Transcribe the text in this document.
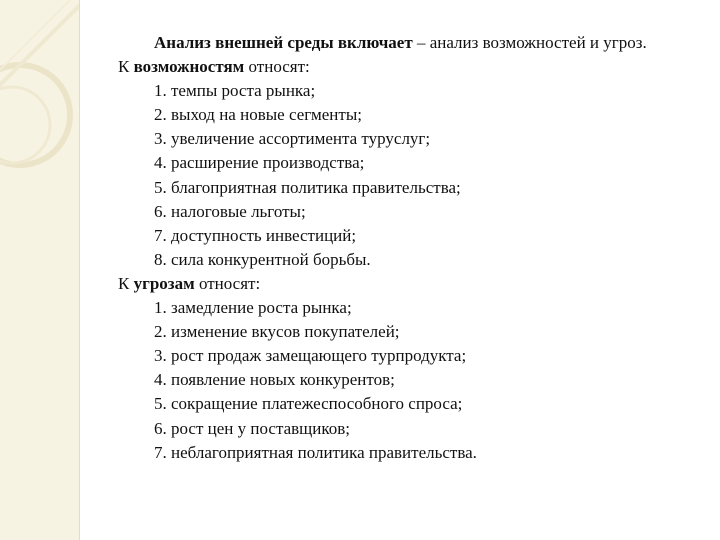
Анализ внешней среды включает – анализ возможностей и угроз.

К возможностям относят:

1. темпы роста рынка;

2. выход на новые сегменты;

3. увеличение ассортимента туруслуг;

4. расширение производства;

5. благоприятная политика правительства;

6. налоговые льготы;

7. доступность инвестиций;

8. сила конкурентной борьбы.

К угрозам относят:

1. замедление роста рынка;

2. изменение вкусов покупателей;

3. рост продаж замещающего турпродукта;

4. появление новых конкурентов;

5. сокращение платежеспособного спроса;

6. рост цен у поставщиков;

7. неблагоприятная политика правительства.
